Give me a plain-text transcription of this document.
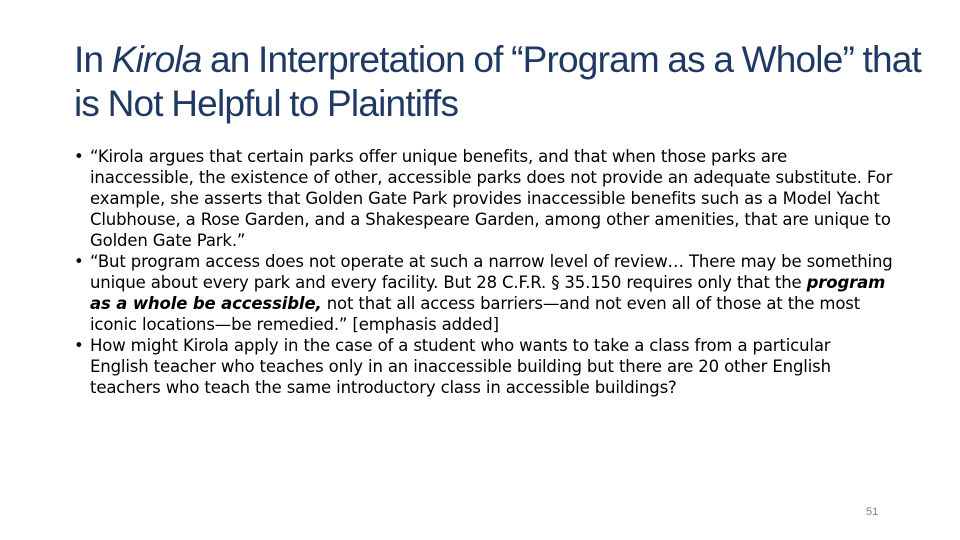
In Kirola an Interpretation of “Program as a Whole” that is Not Helpful to Plaintiffs
• “Kirola argues that certain parks offer unique benefits, and that when those parks are inaccessible, the existence of other, accessible parks does not provide an adequate substitute. For example, she asserts that Golden Gate Park provides inaccessible benefits such as a Model Yacht Clubhouse, a Rose Garden, and a Shakespeare Garden, among other amenities, that are unique to Golden Gate Park.”
• “But program access does not operate at such a narrow level of review… There may be something unique about every park and every facility. But 28 C.F.R. § 35.150 requires only that the program as a whole be accessible, not that all access barriers—and not even all of those at the most iconic locations—be remedied.” [emphasis added]
• How might Kirola apply in the case of a student who wants to take a class from a particular English teacher who teaches only in an inaccessible building but there are 20 other English teachers who teach the same introductory class in accessible buildings?
51
